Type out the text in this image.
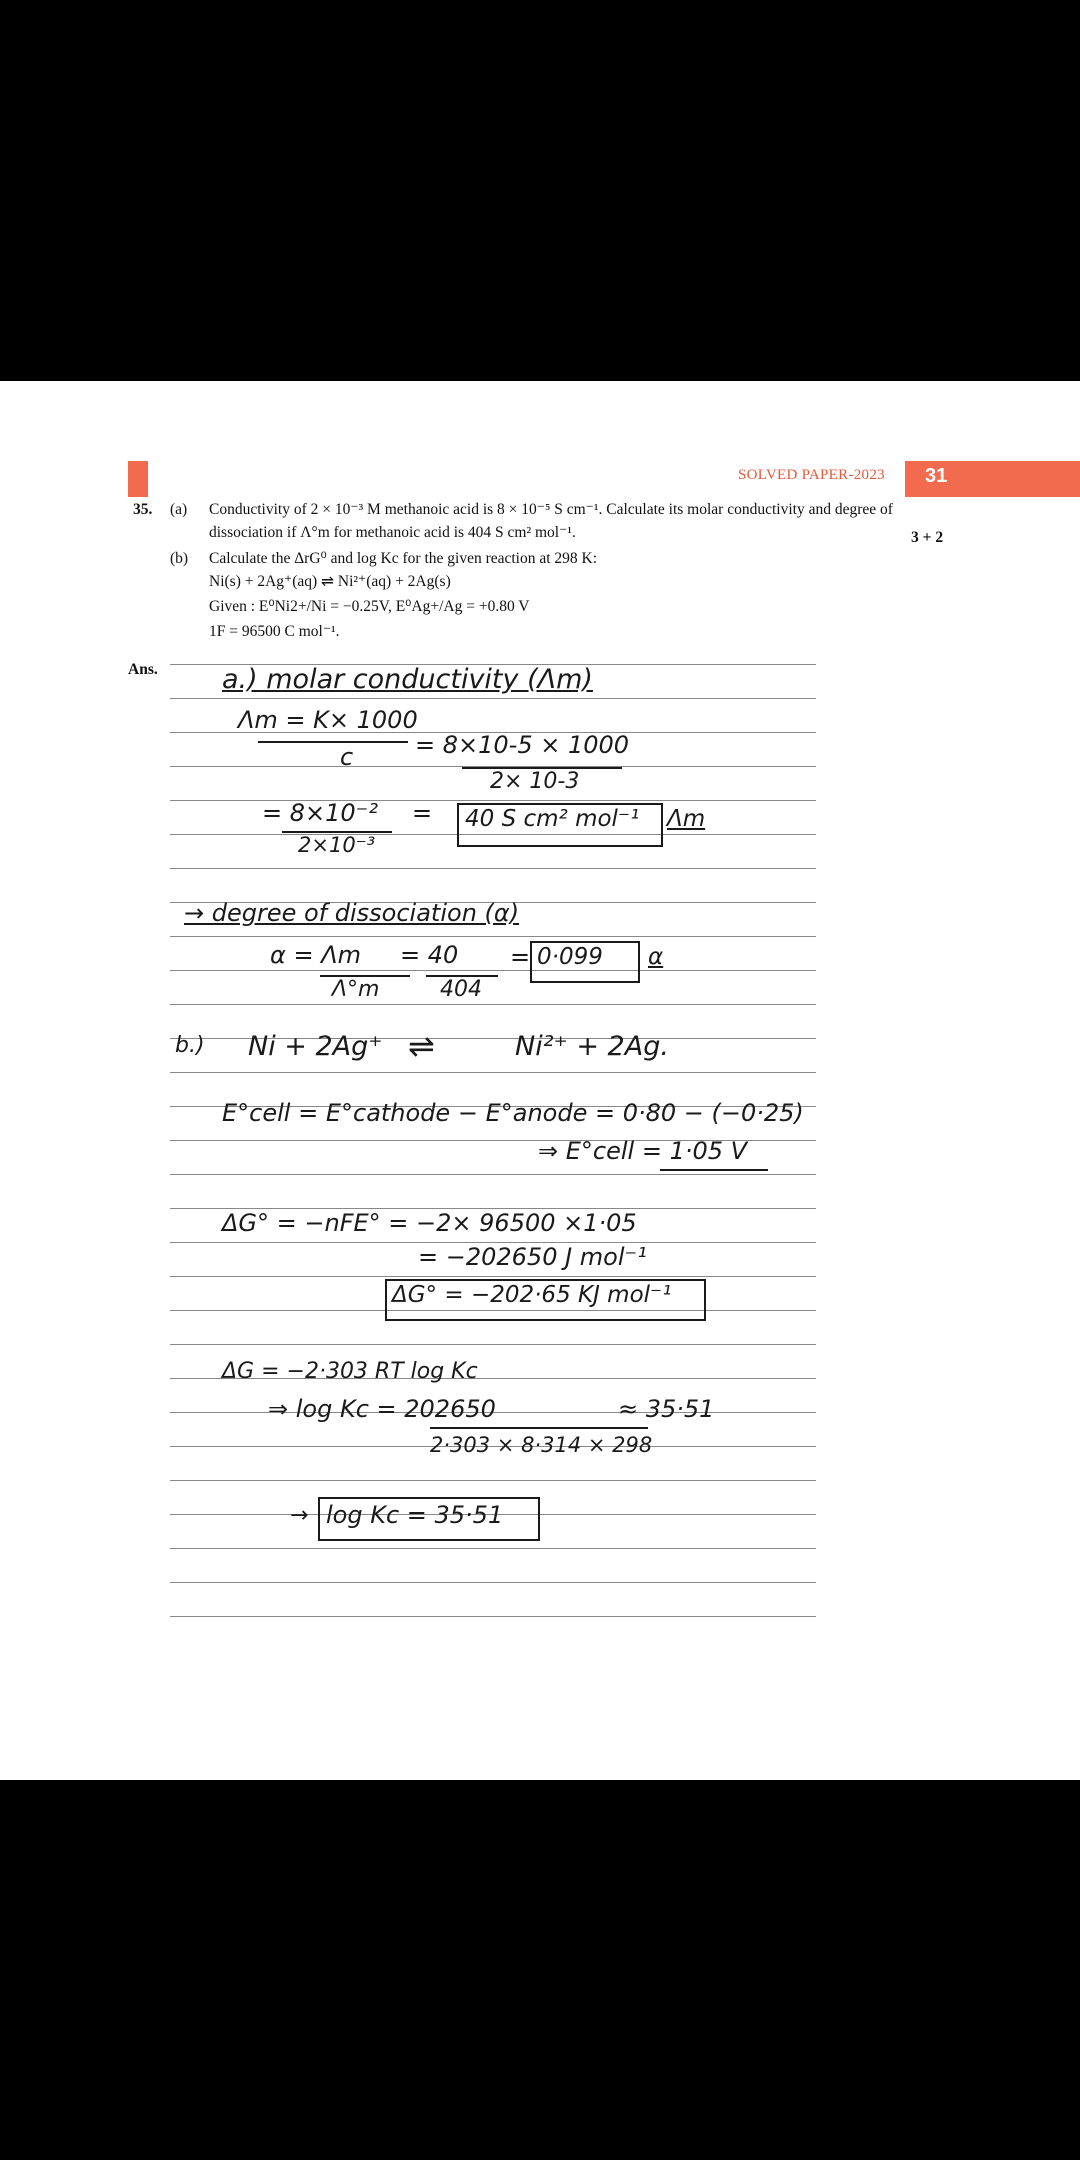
SOLVED PAPER-2023 31
35. (a) Conductivity of 2 × 10⁻³ M methanoic acid is 8 × 10⁻⁵ S cm⁻¹. Calculate its molar conductivity and degree of
dissociation if Λ°m for methanoic acid is 404 S cm² mol⁻¹.	3 + 2
(b) Calculate the ΔrG⁰ and log Kc for the given reaction at 298 K:
Ni(s) + 2Ag⁺(aq) ⇌ Ni²⁺(aq) + 2Ag(s)
Given : E⁰Ni2+/Ni = −0.25V, E⁰Ag+/Ag = +0.80 V
1F = 96500 C mol⁻¹.
Ans. a.) molar conductivity (Λm)
Λm = K× 1000
c	= 8×10-5 × 1000
2× 10-3
= 8×10⁻²
2×10⁻³
= 40 S cm² mol⁻¹ Λm
→ degree of dissociation (α)
α = Λm
Λ°m
= 40
404
= 0·099 α
b.) Ni + 2Ag⁺ ⇌	Ni²⁺ + 2Ag.
E°cell = E°cathode − E°anode = 0·80 − (−0·25)
⇒ E°cell = 1·05 V
ΔG° = −nFE° = −2× 96500 ×1·05
= −202650 J mol⁻¹
ΔG° = −202·65 KJ mol⁻¹
ΔG = −2·303 RT log Kc
⇒ log Kc = 202650	≈ 35·51
2·303 × 8·314 × 298
→ log Kc = 35·51
